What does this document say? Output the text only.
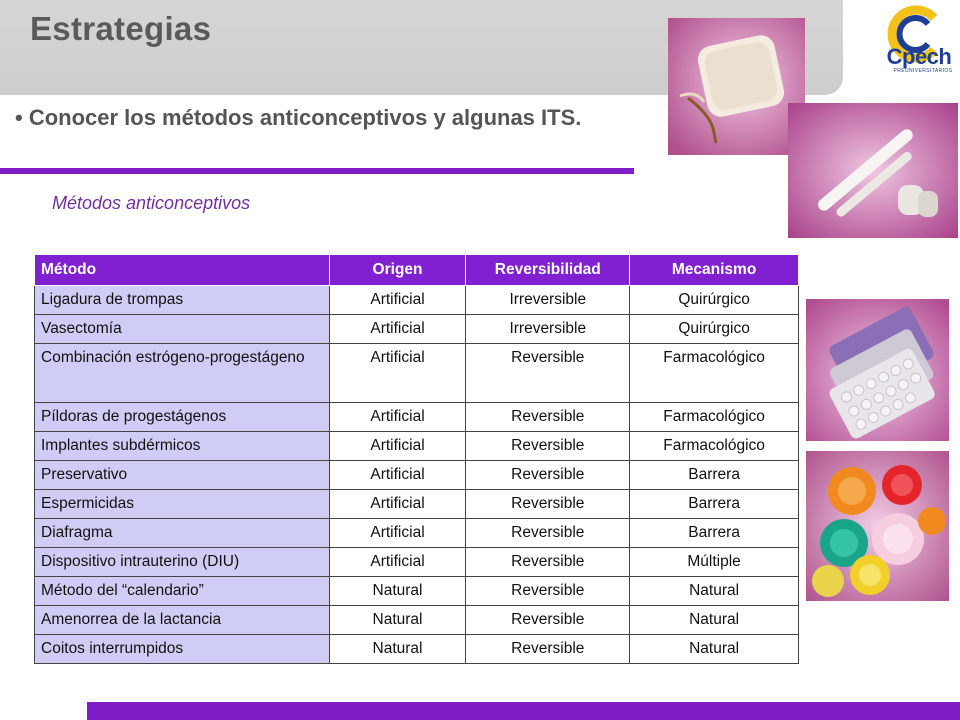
Estrategias
Cpech
PREUNIVERSITARIOS
• Conocer los métodos anticonceptivos y algunas ITS.
Métodos anticonceptivos
Método	Origen	Reversibilidad	Mecanismo
Ligadura de trompas	Artificial	Irreversible	Quirúrgico
Vasectomía	Artificial	Irreversible	Quirúrgico
Combinación estrógeno-progestágeno	Artificial	Reversible	Farmacológico
Píldoras de progestágenos	Artificial	Reversible	Farmacológico
Implantes subdérmicos	Artificial	Reversible	Farmacológico
Preservativo	Artificial	Reversible	Barrera
Espermicidas	Artificial	Reversible	Barrera
Diafragma	Artificial	Reversible	Barrera
Dispositivo intrauterino (DIU)	Artificial	Reversible	Múltiple
Método del “calendario”	Natural	Reversible	Natural
Amenorrea de la lactancia	Natural	Reversible	Natural
Coitos interrumpidos	Natural	Reversible	Natural
